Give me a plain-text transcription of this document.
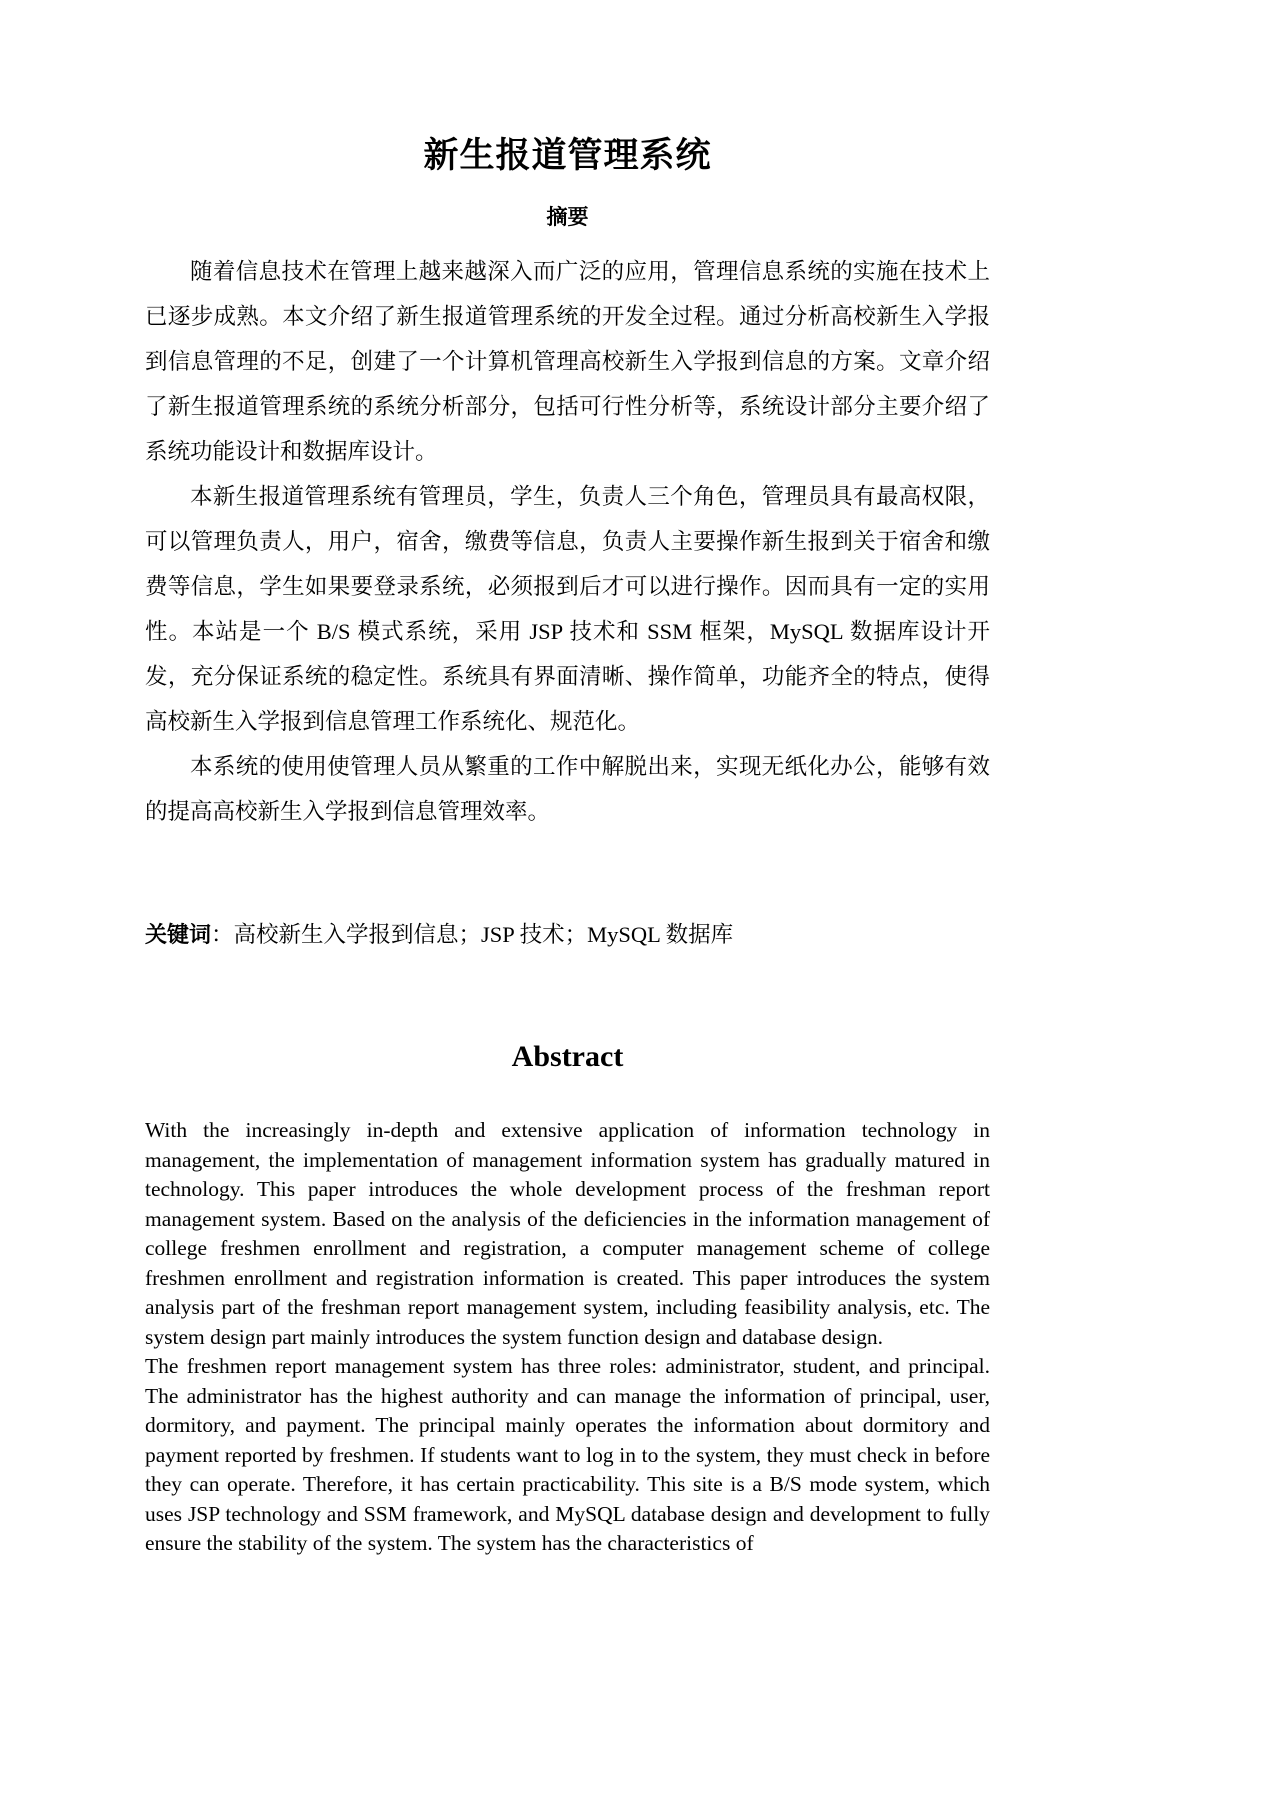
新生报道管理系统
摘要

随着信息技术在管理上越来越深入而广泛的应用，管理信息系统的实施在技术上已逐步成熟。本文介绍了新生报道管理系统的开发全过程。通过分析高校新生入学报到信息管理的不足，创建了一个计算机管理高校新生入学报到信息的方案。文章介绍了新生报道管理系统的系统分析部分，包括可行性分析等，系统设计部分主要介绍了系统功能设计和数据库设计。

本新生报道管理系统有管理员，学生，负责人三个角色，管理员具有最高权限，可以管理负责人，用户，宿舍，缴费等信息，负责人主要操作新生报到关于宿舍和缴费等信息，学生如果要登录系统，必须报到后才可以进行操作。因而具有一定的实用性。本站是一个 B/S 模式系统，采用 JSP 技术和 SSM 框架，MySQL 数据库设计开发，充分保证系统的稳定性。系统具有界面清晰、操作简单，功能齐全的特点，使得高校新生入学报到信息管理工作系统化、规范化。

本系统的使用使管理人员从繁重的工作中解脱出来，实现无纸化办公，能够有效的提高高校新生入学报到信息管理效率。

关键词：高校新生入学报到信息；JSP 技术；MySQL 数据库

Abstract

With the increasingly in-depth and extensive application of information technology in management, the implementation of management information system has gradually matured in technology. This paper introduces the whole development process of the freshman report management system. Based on the analysis of the deficiencies in the information management of college freshmen enrollment and registration, a computer management scheme of college freshmen enrollment and registration information is created. This paper introduces the system analysis part of the freshman report management system, including feasibility analysis, etc. The system design part mainly introduces the system function design and database design.

The freshmen report management system has three roles: administrator, student, and principal. The administrator has the highest authority and can manage the information of principal, user, dormitory, and payment. The principal mainly operates the information about dormitory and payment reported by freshmen. If students want to log in to the system, they must check in before they can operate. Therefore, it has certain practicability. This site is a B/S mode system, which uses JSP technology and SSM framework, and MySQL database design and development to fully ensure the stability of the system. The system has the characteristics of
